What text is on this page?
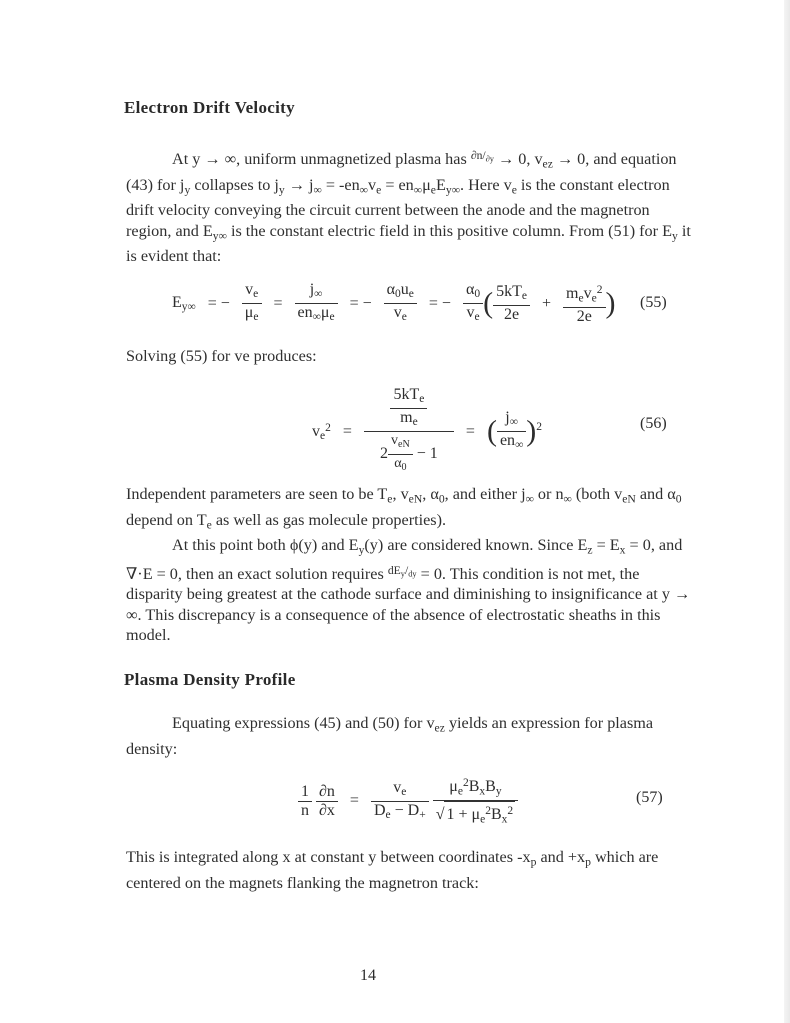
Electron Drift Velocity

At y → ∞, uniform unmagnetized plasma has $^{\partial n/_{\partial y}}$ → 0, $v_{ez} \to 0$, and equation (43) for $j_y$ collapses to $j_y \to j_\infty = -en_\infty v_e = en_\infty\mu_eE_{y\infty}$. Here $v_e$ is the constant electron drift velocity conveying the circuit current between the anode and the magnetron region, and $E_{y\infty}$ is the constant electric field in this positive column. From (51) for $E_y$ it is evident that:

$E_{y\infty}$ = − $\frac{v_e}{\mu_e} = \frac{j_\infty}{en_\infty\mu_e}$ = − $\frac{\alpha_0u_e}{v_e}$ = − $\frac{\alpha_0}{v_e}$ ( $\frac{5kT_e}{2e} + \frac{m_ev_e^2}{2e}$ ) (55)

Solving (55) for ve produces:

$v_e^2 = \frac{\frac{5kT_e}{m_e}}{2 \frac{v_{eN}}{\alpha_0} - 1}$ = ( $\frac{j_\infty}{en_\infty} )^2$	(56)

Independent parameters are seen to be $T_e$, $v_{eN}$, $\alpha_0$, and either $j_\infty$ or $n_\infty$ (both $v_{eN}$ and $\alpha_0$ depend on $T_e$ as well as gas molecule properties).

At this point both ϕ(y) and $E_y(y)$ are considered known. Since $E_z = E_x = 0$, and ∇·E = 0, then an exact solution requires $^{dE_y/_{dy}}$ = 0. This condition is not met, the disparity being greatest at the cathode surface and diminishing to insignificance at y → ∞. This discrepancy is a consequence of the absence of electrostatic sheaths in this model.

Plasma Density Profile

Equating expressions (45) and (50) for $v_{ez}$ yields an expression for plasma density:

$\frac{1}{n}$
$\frac{\partial n}{\partial x} = \frac{v_e}{D_e - D_+}$
$\frac{\mu_e^2B_xB_y}{√ 1 + \mu_e^2B_x^2}$	(57)

This is integrated along x at constant y between coordinates $-x_p$ and $+x_p$ which are centered on the magnets flanking the magnetron track:

14
